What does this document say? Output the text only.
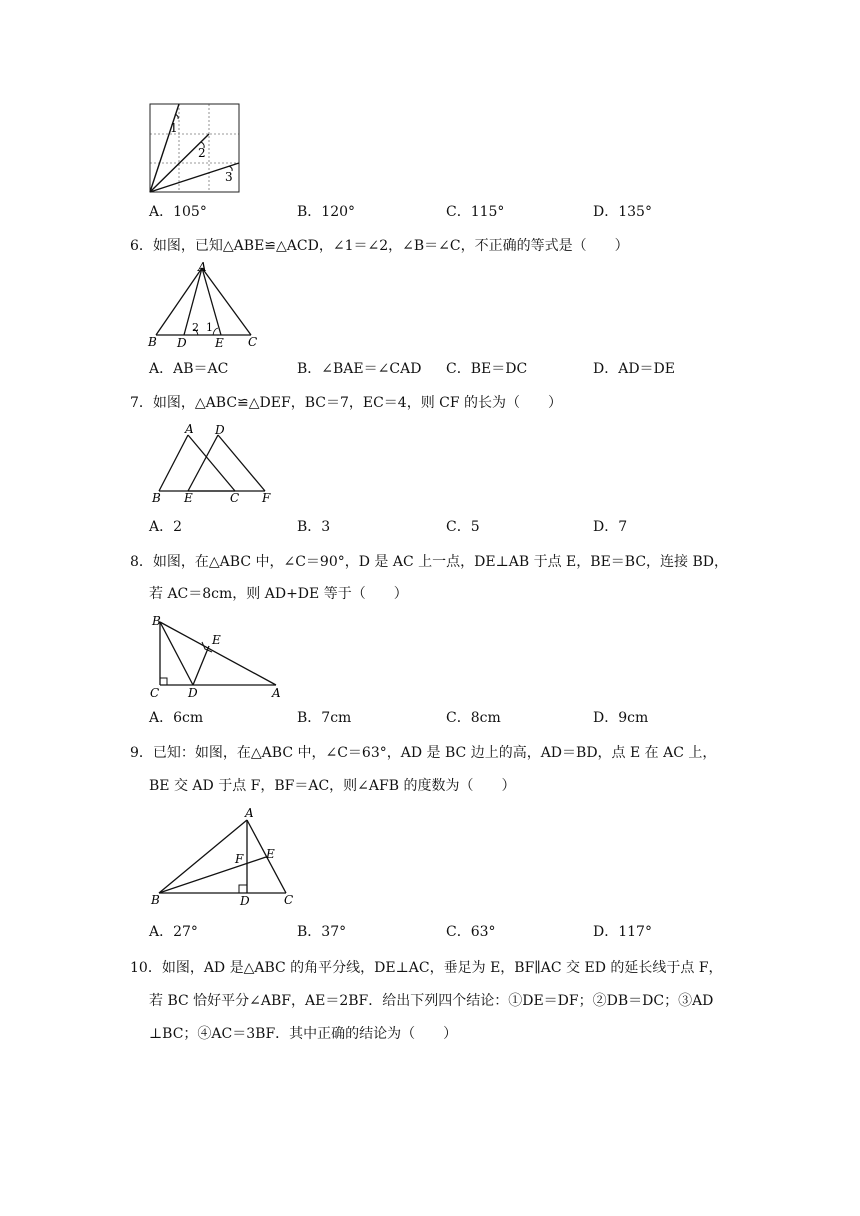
1
2
3
A．105°	B．120°	C．115°	D．135°
6．如图，已知△ABE≌△ACD，∠1＝∠2，∠B＝∠C，不正确的等式是（　　）
A
B D E C
2 1
A．AB＝AC	B．∠BAE＝∠CAD C．BE＝DC	D．AD＝DE
7．如图，△ABC≌△DEF，BC＝7，EC＝4，则 CF 的长为（　　）
A D
B E	C F
A．2	B．3	C．5	D．7
8．如图，在△ABC 中，∠C＝90°，D 是 AC 上一点，DE⊥AB 于点 E，BE＝BC，连接 BD，
若 AC＝8cm，则 AD+DE 等于（　　）
B
E
C D	A
A．6cm	B．7cm	C．8cm	D．9cm
9．已知：如图，在△ABC 中，∠C＝63°，AD 是 BC 边上的高，AD＝BD，点 E 在 AC 上，
BE 交 AD 于点 F，BF＝AC，则∠AFB 的度数为（　　）
A
F E
B	D	C
A．27°	B．37°	C．63°	D．117°
10．如图，AD 是△ABC 的角平分线，DE⊥AC，垂足为 E，BF∥AC 交 ED 的延长线于点 F，
若 BC 恰好平分∠ABF，AE＝2BF．给出下列四个结论：①DE＝DF；②DB＝DC；③AD
⊥BC；④AC＝3BF．其中正确的结论为（　　）
